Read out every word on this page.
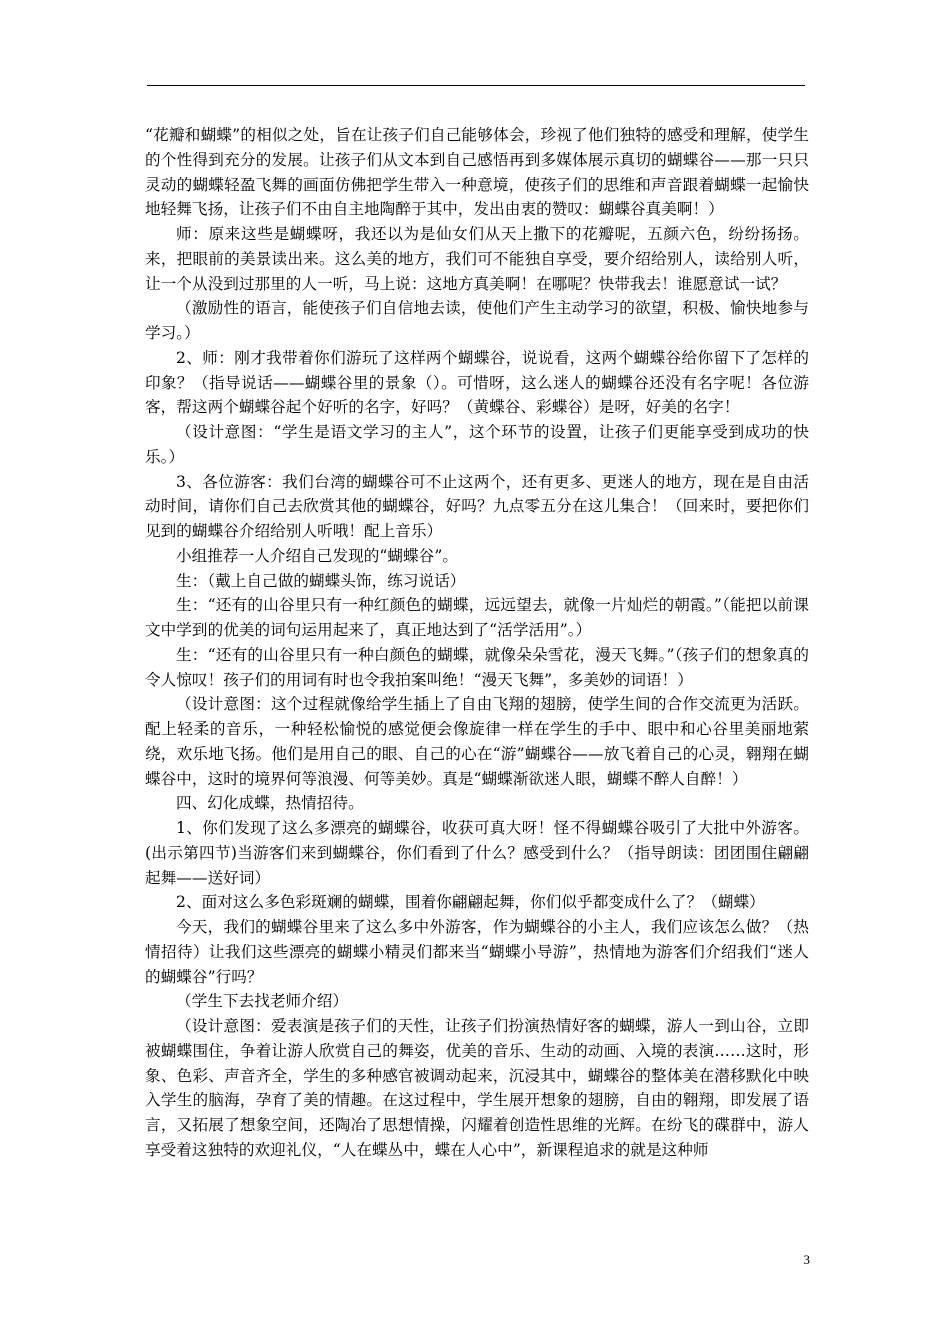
“花瓣和蝴蝶”的相似之处，旨在让孩子们自己能够体会，珍视了他们独特的感受和理解，使学生的个性得到充分的发展。让孩子们从文本到自己感悟再到多媒体展示真切的蝴蝶谷——那一只只灵动的蝴蝶轻盈飞舞的画面仿佛把学生带入一种意境，使孩子们的思维和声音跟着蝴蝶一起愉快地轻舞飞扬，让孩子们不由自主地陶醉于其中，发出由衷的赞叹：蝴蝶谷真美啊！）

师：原来这些是蝴蝶呀，我还以为是仙女们从天上撒下的花瓣呢，五颜六色，纷纷扬扬。来，把眼前的美景读出来。这么美的地方，我们可不能独自享受，要介绍给别人，读给别人听，让一个从没到过那里的人一听，马上说：这地方真美啊！在哪呢？快带我去！谁愿意试一试？

（激励性的语言，能使孩子们自信地去读，使他们产生主动学习的欲望，积极、愉快地参与学习。）

2、师：刚才我带着你们游玩了这样两个蝴蝶谷，说说看，这两个蝴蝶谷给你留下了怎样的印象？（指导说话——蝴蝶谷里的景象（）。可惜呀，这么迷人的蝴蝶谷还没有名字呢！各位游客，帮这两个蝴蝶谷起个好听的名字，好吗？（黄蝶谷、彩蝶谷）是呀，好美的名字！

（设计意图：“学生是语文学习的主人”，这个环节的设置，让孩子们更能享受到成功的快乐。）

3、各位游客：我们台湾的蝴蝶谷可不止这两个，还有更多、更迷人的地方，现在是自由活动时间，请你们自己去欣赏其他的蝴蝶谷，好吗？九点零五分在这儿集合！（回来时，要把你们见到的蝴蝶谷介绍给别人听哦！配上音乐）

小组推荐一人介绍自己发现的“蝴蝶谷”。

生：（戴上自己做的蝴蝶头饰，练习说话）

生：“还有的山谷里只有一种红颜色的蝴蝶，远远望去，就像一片灿烂的朝霞。”（能把以前课文中学到的优美的词句运用起来了，真正地达到了“活学活用”。）

生：“还有的山谷里只有一种白颜色的蝴蝶，就像朵朵雪花，漫天飞舞。”（孩子们的想象真的令人惊叹！孩子们的用词有时也令我拍案叫绝！“漫天飞舞”，多美妙的词语！）

（设计意图：这个过程就像给学生插上了自由飞翔的翅膀，使学生间的合作交流更为活跃。配上轻柔的音乐，一种轻松愉悦的感觉便会像旋律一样在学生的手中、眼中和心谷里美丽地萦绕，欢乐地飞扬。他们是用自己的眼、自己的心在“游”蝴蝶谷——放飞着自己的心灵，翱翔在蝴蝶谷中，这时的境界何等浪漫、何等美妙。真是“蝴蝶渐欲迷人眼，蝴蝶不醉人自醉！）

四、幻化成蝶，热情招待。

1、你们发现了这么多漂亮的蝴蝶谷，收获可真大呀！怪不得蝴蝶谷吸引了大批中外游客。(出示第四节)当游客们来到蝴蝶谷，你们看到了什么？感受到什么？（指导朗读：团团围住翩翩起舞——送好词）

2、面对这么多色彩斑斓的蝴蝶，围着你翩翩起舞，你们似乎都变成什么了？（蝴蝶）

今天，我们的蝴蝶谷里来了这么多中外游客，作为蝴蝶谷的小主人，我们应该怎么做？（热情招待）让我们这些漂亮的蝴蝶小精灵们都来当“蝴蝶小导游”，热情地为游客们介绍我们“迷人的蝴蝶谷”行吗？

（学生下去找老师介绍）

（设计意图：爱表演是孩子们的天性，让孩子们扮演热情好客的蝴蝶，游人一到山谷，立即被蝴蝶围住，争着让游人欣赏自己的舞姿，优美的音乐、生动的动画、入境的表演……这时，形象、色彩、声音齐全，学生的多种感官被调动起来，沉浸其中，蝴蝶谷的整体美在潜移默化中映入学生的脑海，孕育了美的情趣。在这过程中，学生展开想象的翅膀，自由的翱翔，即发展了语言，又拓展了想象空间，还陶冶了思想情操，闪耀着创造性思维的光辉。在纷飞的碟群中，游人享受着这独特的欢迎礼仪，“人在蝶丛中，蝶在人心中”，新课程追求的就是这种师

3
